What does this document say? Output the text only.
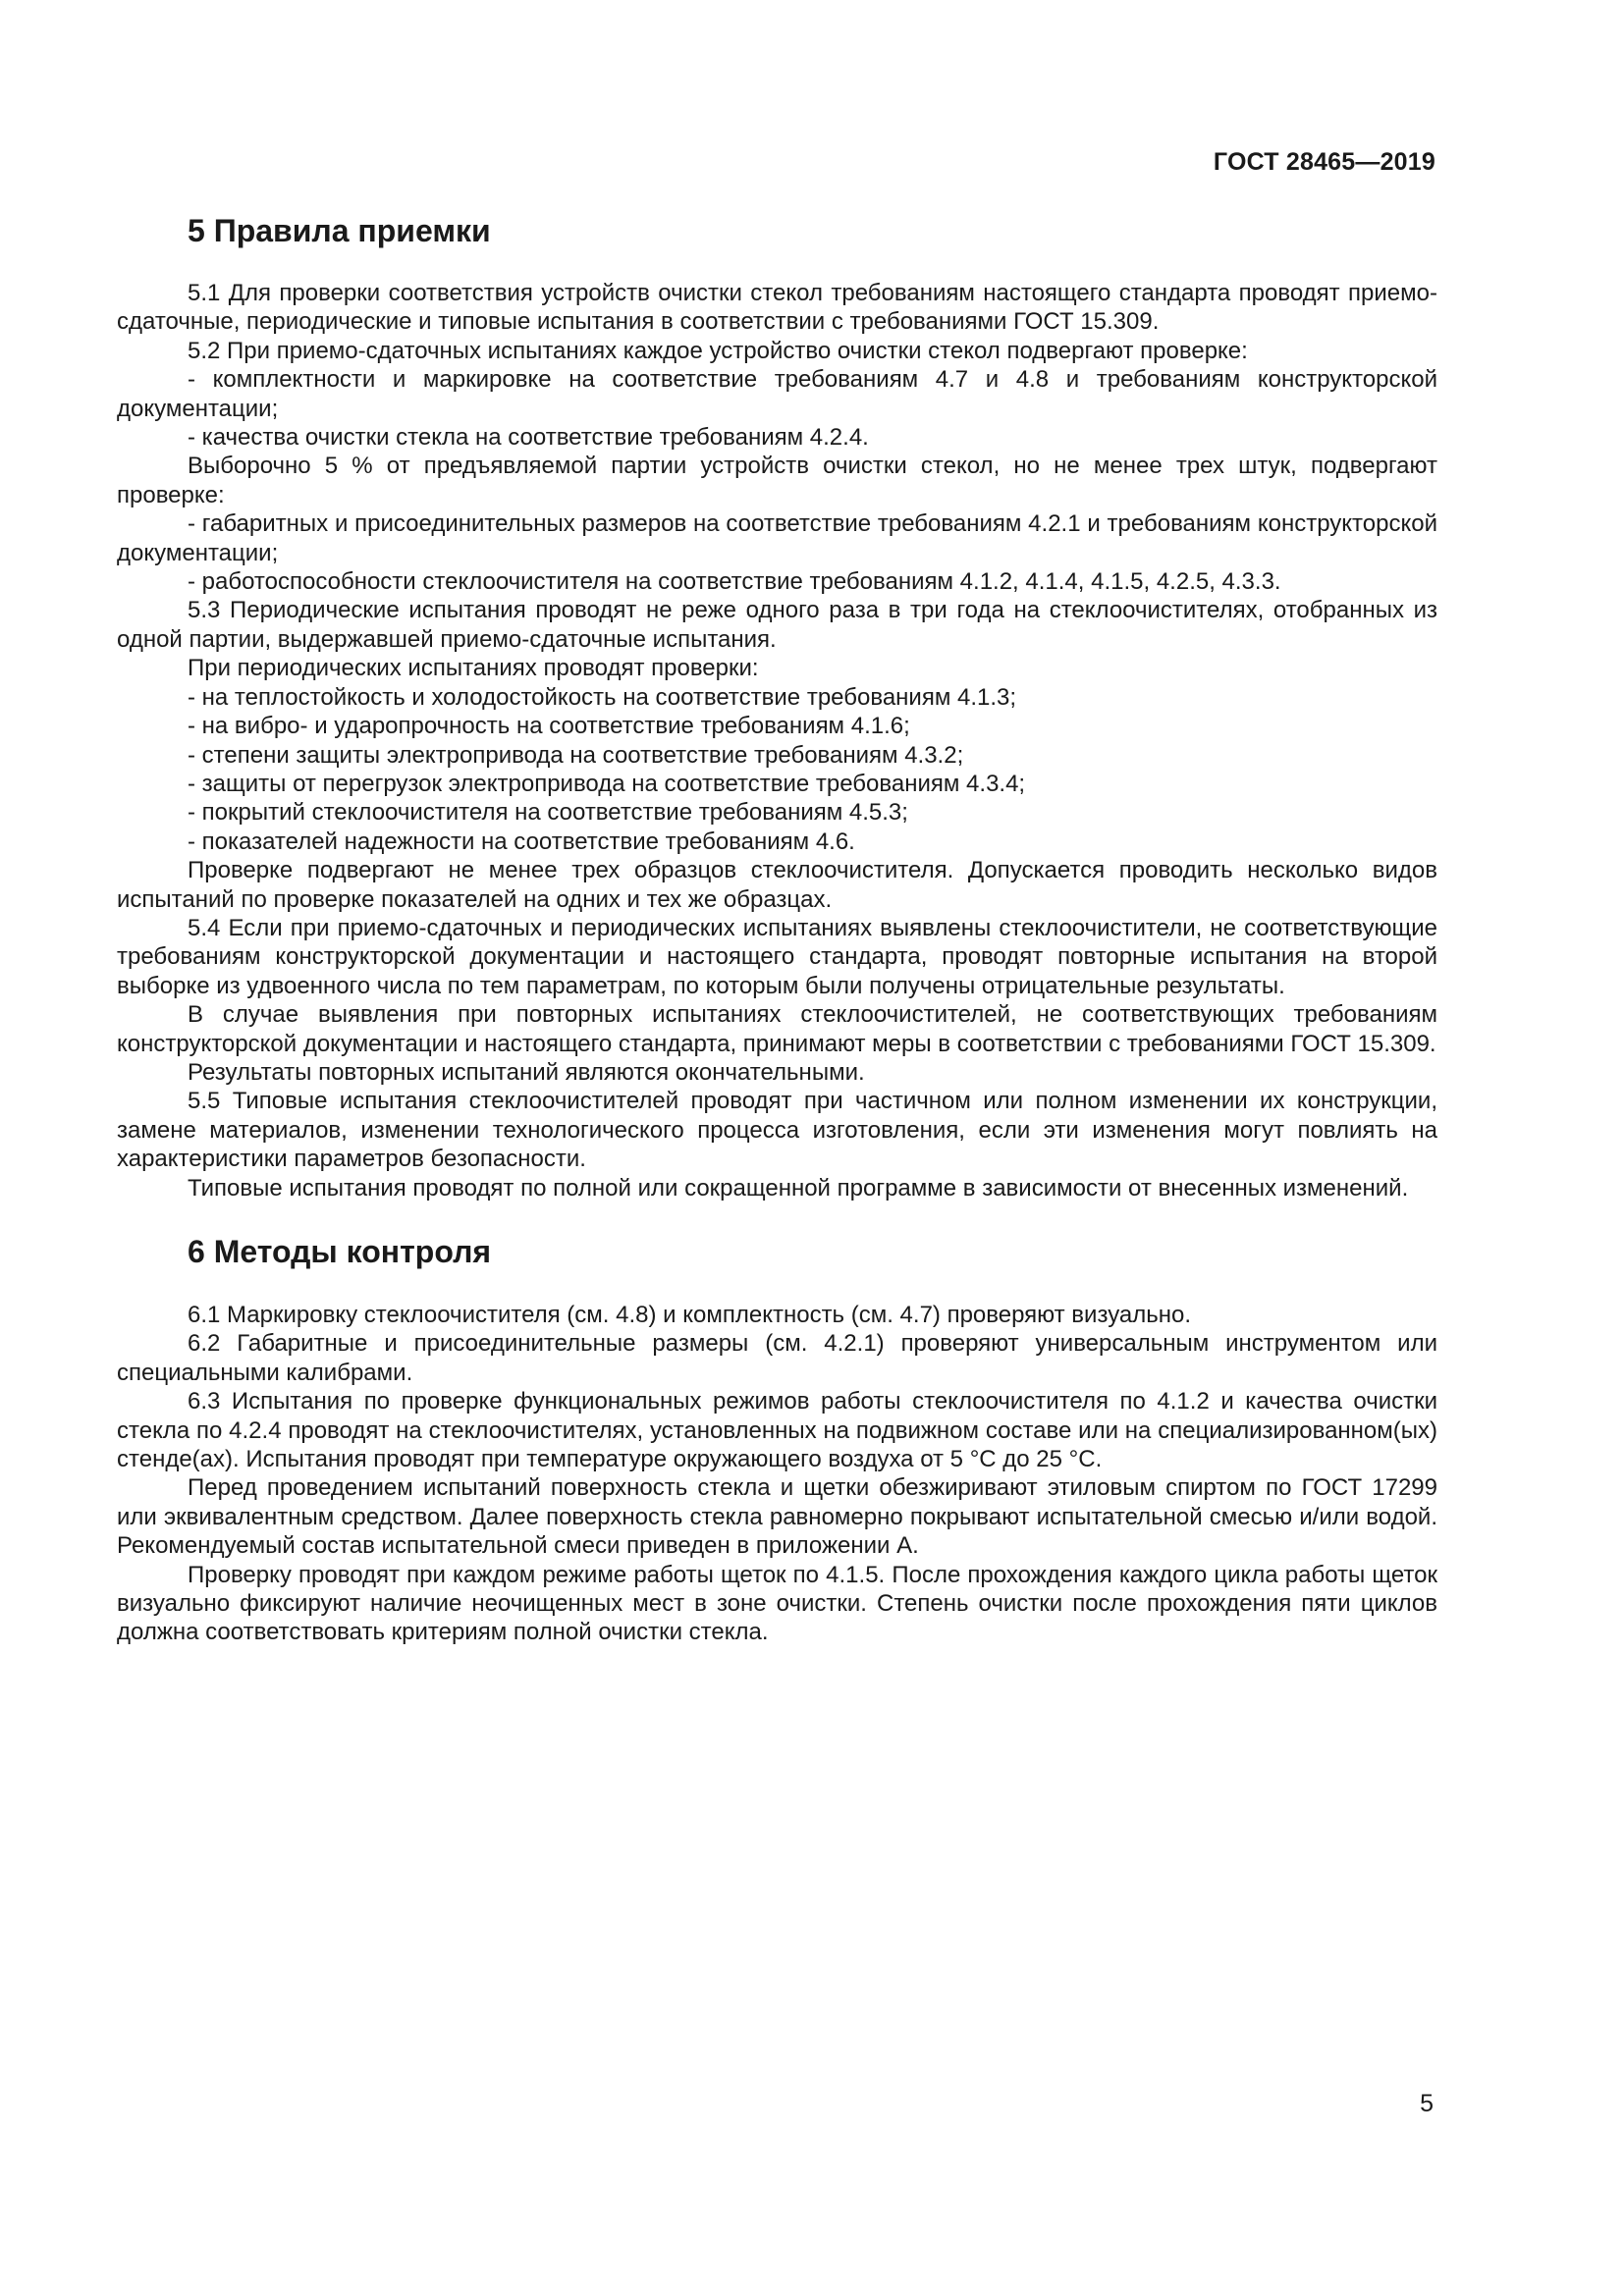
ГОСТ 28465—2019
5 Правила приемки

5.1 Для проверки соответствия устройств очистки стекол требованиям настоящего стандарта проводят приемо-сдаточные, периодические и типовые испытания в соответствии с требованиями ГОСТ 15.309.

5.2 При приемо-сдаточных испытаниях каждое устройство очистки стекол подвергают проверке:

- комплектности и маркировке на соответствие требованиям 4.7 и 4.8 и требованиям конструкторской документации;

- качества очистки стекла на соответствие требованиям 4.2.4.

Выборочно 5 % от предъявляемой партии устройств очистки стекол, но не менее трех штук, подвергают проверке:

- габаритных и присоединительных размеров на соответствие требованиям 4.2.1 и требованиям конструкторской документации;

- работоспособности стеклоочистителя на соответствие требованиям 4.1.2, 4.1.4, 4.1.5, 4.2.5, 4.3.3.

5.3 Периодические испытания проводят не реже одного раза в три года на стеклоочистителях, отобранных из одной партии, выдержавшей приемо-сдаточные испытания.

При периодических испытаниях проводят проверки:

- на теплостойкость и холодостойкость на соответствие требованиям 4.1.3;

- на вибро- и ударопрочность на соответствие требованиям 4.1.6;

- степени защиты электропривода на соответствие требованиям 4.3.2;

- защиты от перегрузок электропривода на соответствие требованиям 4.3.4;

- покрытий стеклоочистителя на соответствие требованиям 4.5.3;

- показателей надежности на соответствие требованиям 4.6.

Проверке подвергают не менее трех образцов стеклоочистителя. Допускается проводить несколько видов испытаний по проверке показателей на одних и тех же образцах.

5.4 Если при приемо-сдаточных и периодических испытаниях выявлены стеклоочистители, не соответствующие требованиям конструкторской документации и настоящего стандарта, проводят повторные испытания на второй выборке из удвоенного числа по тем параметрам, по которым были получены отрицательные результаты.

В случае выявления при повторных испытаниях стеклоочистителей, не соответствующих требованиям конструкторской документации и настоящего стандарта, принимают меры в соответствии с требованиями ГОСТ 15.309.

Результаты повторных испытаний являются окончательными.

5.5 Типовые испытания стеклоочистителей проводят при частичном или полном изменении их конструкции, замене материалов, изменении технологического процесса изготовления, если эти изменения могут повлиять на характеристики параметров безопасности.

Типовые испытания проводят по полной или сокращенной программе в зависимости от внесенных изменений.

6 Методы контроля

6.1 Маркировку стеклоочистителя (см. 4.8) и комплектность (см. 4.7) проверяют визуально.

6.2 Габаритные и присоединительные размеры (см. 4.2.1) проверяют универсальным инструментом или специальными калибрами.

6.3 Испытания по проверке функциональных режимов работы стеклоочистителя по 4.1.2 и качества очистки стекла по 4.2.4 проводят на стеклоочистителях, установленных на подвижном составе или на специализированном(ых) стенде(ах). Испытания проводят при температуре окружающего воздуха от 5 °С до 25 °С.

Перед проведением испытаний поверхность стекла и щетки обезжиривают этиловым спиртом по ГОСТ 17299 или эквивалентным средством. Далее поверхность стекла равномерно покрывают испытательной смесью и/или водой. Рекомендуемый состав испытательной смеси приведен в приложении А.

Проверку проводят при каждом режиме работы щеток по 4.1.5. После прохождения каждого цикла работы щеток визуально фиксируют наличие неочищенных мест в зоне очистки. Степень очистки после прохождения пяти циклов должна соответствовать критериям полной очистки стекла.

5
